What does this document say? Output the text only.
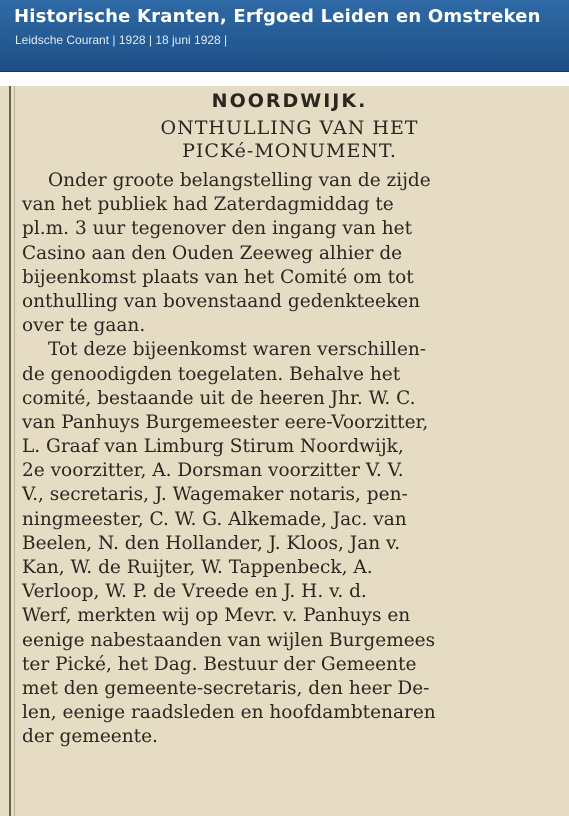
Historische Kranten, Erfgoed Leiden en Omstreken
Leidsche Courant | 1928 | 18 juni 1928 |
NOORDWIJK.
ONTHULLING VAN HET
PICKé-MONUMENT.

Onder groote belangstelling van de zijde
van het publiek had Zaterdagmiddag te
pl.m. 3 uur tegenover den ingang van het
Casino aan den Ouden Zeeweg alhier de
bijeenkomst plaats van het Comité om tot
onthulling van bovenstaand gedenkteeken
over te gaan.

Tot deze bijeenkomst waren verschillen-
de genoodigden toegelaten. Behalve het
comité, bestaande uit de heeren Jhr. W. C.
van Panhuys Burgemeester eere-Voorzitter,
L. Graaf van Limburg Stirum Noordwijk,
2e voorzitter, A. Dorsman voorzitter V. V.
V., secretaris, J. Wagemaker notaris, pen-
ningmeester, C. W. G. Alkemade, Jac. van
Beelen, N. den Hollander, J. Kloos, Jan v.
Kan, W. de Ruijter, W. Tappenbeck, A.
Verloop, W. P. de Vreede en J. H. v. d.
Werf, merkten wij op Mevr. v. Panhuys en
eenige nabestaanden van wijlen Burgemees
ter Pické, het Dag. Bestuur der Gemeente
met den gemeente-secretaris, den heer De-
len, eenige raadsleden en hoofdambtenaren
der gemeente.
